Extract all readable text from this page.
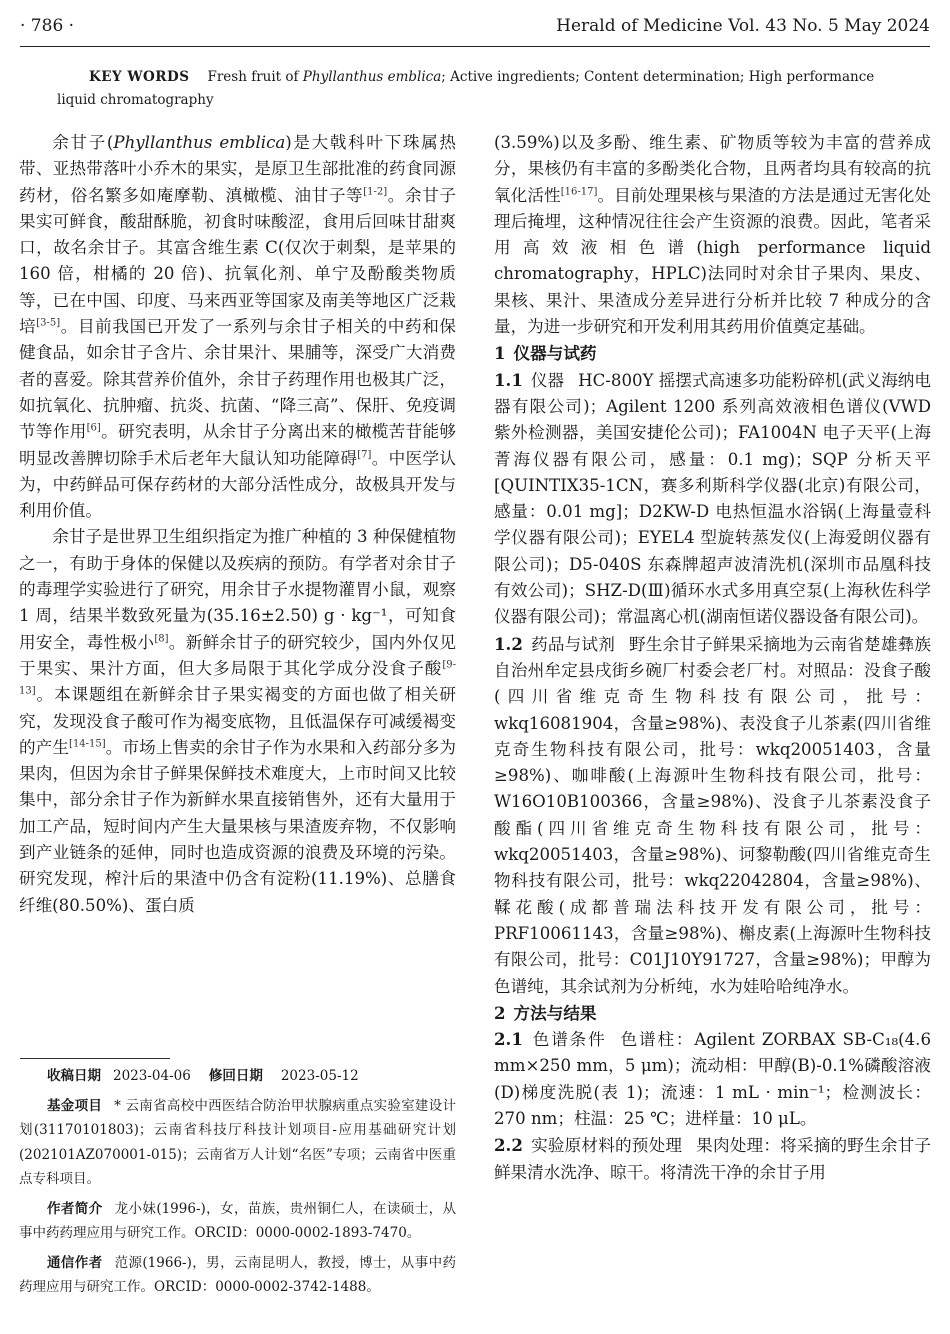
· 786 ·	Herald of Medicine Vol. 43 No. 5 May 2024
KEY WORDS Fresh fruit of Phyllanthus emblica; Active ingredients; Content determination; High performance liquid chromatography

余甘子(Phyllanthus emblica)是大戟科叶下珠属热带、亚热带落叶小乔木的果实，是原卫生部批准的药食同源药材，俗名繁多如庵摩勒、滇橄榄、油甘子等[1-2]。余甘子果实可鲜食，酸甜酥脆，初食时味酸涩，食用后回味甘甜爽口，故名余甘子。其富含维生素 C(仅次于刺梨，是苹果的 160 倍，柑橘的 20 倍)、抗氧化剂、单宁及酚酸类物质等，已在中国、印度、马来西亚等国家及南美等地区广泛栽培[3-5]。目前我国已开发了一系列与余甘子相关的中药和保健食品，如余甘子含片、余甘果汁、果脯等，深受广大消费者的喜爱。除其营养价值外，余甘子药理作用也极其广泛，如抗氧化、抗肿瘤、抗炎、抗菌、“降三高”、保肝、免疫调节等作用[6]。研究表明，从余甘子分离出来的橄榄苦苷能够明显改善脾切除手术后老年大鼠认知功能障碍[7]。中医学认为，中药鲜品可保存药材的大部分活性成分，故极具开发与利用价值。

余甘子是世界卫生组织指定为推广种植的 3 种保健植物之一，有助于身体的保健以及疾病的预防。有学者对余甘子的毒理学实验进行了研究，用余甘子水提物灌胃小鼠，观察 1 周，结果半数致死量为(35.16±2.50) g · kg⁻¹，可知食用安全，毒性极小[8]。新鲜余甘子的研究较少，国内外仅见于果实、果汁方面，但大多局限于其化学成分没食子酸[9-13]。本课题组在新鲜余甘子果实褐变的方面也做了相关研究，发现没食子酸可作为褐变底物，且低温保存可减缓褐变的产生[14-15]。市场上售卖的余甘子作为水果和入药部分多为果肉，但因为余甘子鲜果保鲜技术难度大，上市时间又比较集中，部分余甘子作为新鲜水果直接销售外，还有大量用于加工产品，短时间内产生大量果核与果渣废弃物，不仅影响到产业链条的延伸，同时也造成资源的浪费及环境的污染。研究发现，榨汁后的果渣中仍含有淀粉(11.19%)、总膳食纤维(80.50%)、蛋白质

(3.59%)以及多酚、维生素、矿物质等较为丰富的营养成分，果核仍有丰富的多酚类化合物，且两者均具有较高的抗氧化活性[16-17]。目前处理果核与果渣的方法是通过无害化处理后掩埋，这种情况往往会产生资源的浪费。因此，笔者采用高效液相色谱(high performance liquid chromatography，HPLC)法同时对余甘子果肉、果皮、果核、果汁、果渣成分差异进行分析并比较 7 种成分的含量，为进一步研究和开发利用其药用价值奠定基础。

1 仪器与试药

1.1 仪器 HC-800Y 摇摆式高速多功能粉碎机(武义海纳电器有限公司)；Agilent 1200 系列高效液相色谱仪(VWD 紫外检测器，美国安捷伦公司)；FA1004N 电子天平(上海菁海仪器有限公司，感量：0.1 mg)；SQP 分析天平[QUINTIX35-1CN，赛多利斯科学仪器(北京)有限公司，感量：0.01 mg]；D2KW-D 电热恒温水浴锅(上海量壹科学仪器有限公司)；EYEL4 型旋转蒸发仪(上海爱朗仪器有限公司)；D5-040S 东森牌超声波清洗机(深圳市品凰科技有效公司)；SHZ-D(Ⅲ)循环水式多用真空泵(上海秋佐科学仪器有限公司)；常温离心机(湖南恒诺仪器设备有限公司)。

1.2 药品与试剂 野生余甘子鲜果采摘地为云南省楚雄彝族自治州牟定县戌街乡碗厂村委会老厂村。对照品：没食子酸(四川省维克奇生物科技有限公司，批号：wkq16081904，含量≥98%)、表没食子儿茶素(四川省维克奇生物科技有限公司，批号：wkq20051403，含量≥98%)、咖啡酸(上海源叶生物科技有限公司，批号：W16O10B100366，含量≥98%)、没食子儿茶素没食子酸酯(四川省维克奇生物科技有限公司，批号：wkq20051403，含量≥98%)、诃黎勒酸(四川省维克奇生物科技有限公司，批号：wkq22042804，含量≥98%)、鞣花酸(成都普瑞法科技开发有限公司，批号：PRF10061143，含量≥98%)、槲皮素(上海源叶生物科技有限公司，批号：C01J10Y91727，含量≥98%)；甲醇为色谱纯，其余试剂为分析纯，水为娃哈哈纯净水。

2 方法与结果

2.1 色谱条件 色谱柱：Agilent ZORBAX SB-C₁₈(4.6 mm×250 mm，5 μm)；流动相：甲醇(B)-0.1%磷酸溶液(D)梯度洗脱(表 1)；流速：1 mL · min⁻¹；检测波长：270 nm；柱温：25 ℃；进样量：10 μL。

2.2 实验原材料的预处理 果肉处理：将采摘的野生余甘子鲜果清水洗净、晾干。将清洗干净的余甘子用

收稿日期 2023-04-06 修回日期 2023-05-12
基金项目 * 云南省高校中西医结合防治甲状腺病重点实验室建设计划(31170101803)；云南省科技厅科技计划项目-应用基础研究计划(202101AZ070001-015)；云南省万人计划“名医”专项；云南省中医重点专科项目。
作者简介 龙小妹(1996-)，女，苗族，贵州铜仁人，在读硕士，从事中药药理应用与研究工作。ORCID：0000-0002-1893-7470。
通信作者 范源(1966-)，男，云南昆明人，教授，博士，从事中药药理应用与研究工作。ORCID：0000-0002-3742-1488。
